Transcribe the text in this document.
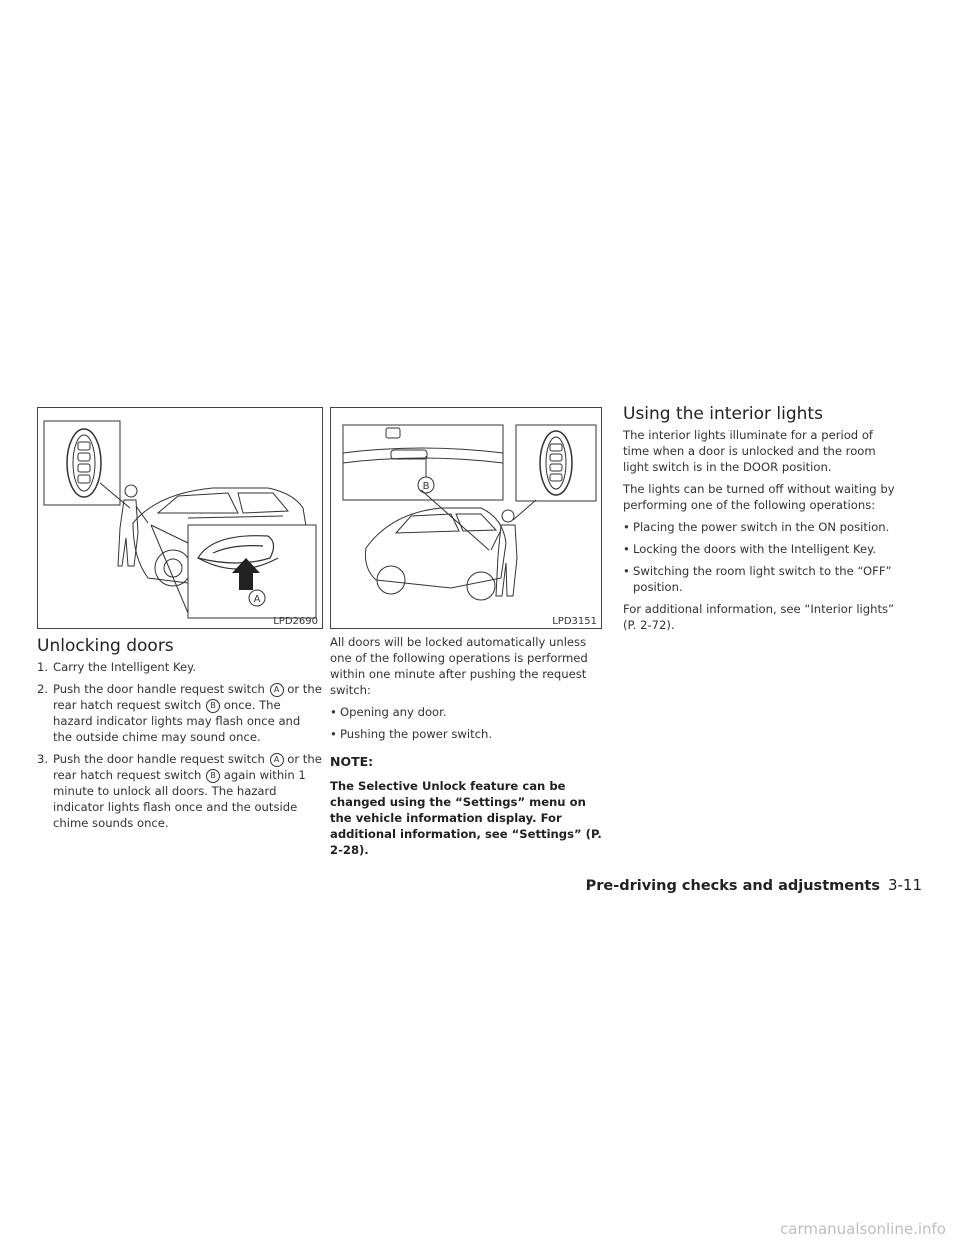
A
LPD2690
B
LPD3151
Unlocking doors
1. Carry the Intelligent Key.
2. Push the door handle request switch A or the rear hatch request switch B once. The hazard indicator lights may flash once and the outside chime may sound once.
3. Push the door handle request switch A or the rear hatch request switch B again within 1 minute to unlock all doors. The hazard indicator lights flash once and the outside chime sounds once.

All doors will be locked automatically unless one of the following operations is performed within one minute after pushing the request switch:

• Opening any door.
• Pushing the power switch.
NOTE:
The Selective Unlock feature can be changed using the “Settings” menu on the vehicle information display. For additional information, see “Settings” (P. 2-28).
Using the interior lights

The interior lights illuminate for a period of time when a door is unlocked and the room light switch is in the DOOR position.

The lights can be turned off without waiting by performing one of the following operations:

• Placing the power switch in the ON position.
• Locking the doors with the Intelligent Key.
• Switching the room light switch to the “OFF” position.

For additional information, see “Interior lights” (P. 2-72).

Pre-driving checks and adjustments 3-11
carmanualsonline.info
